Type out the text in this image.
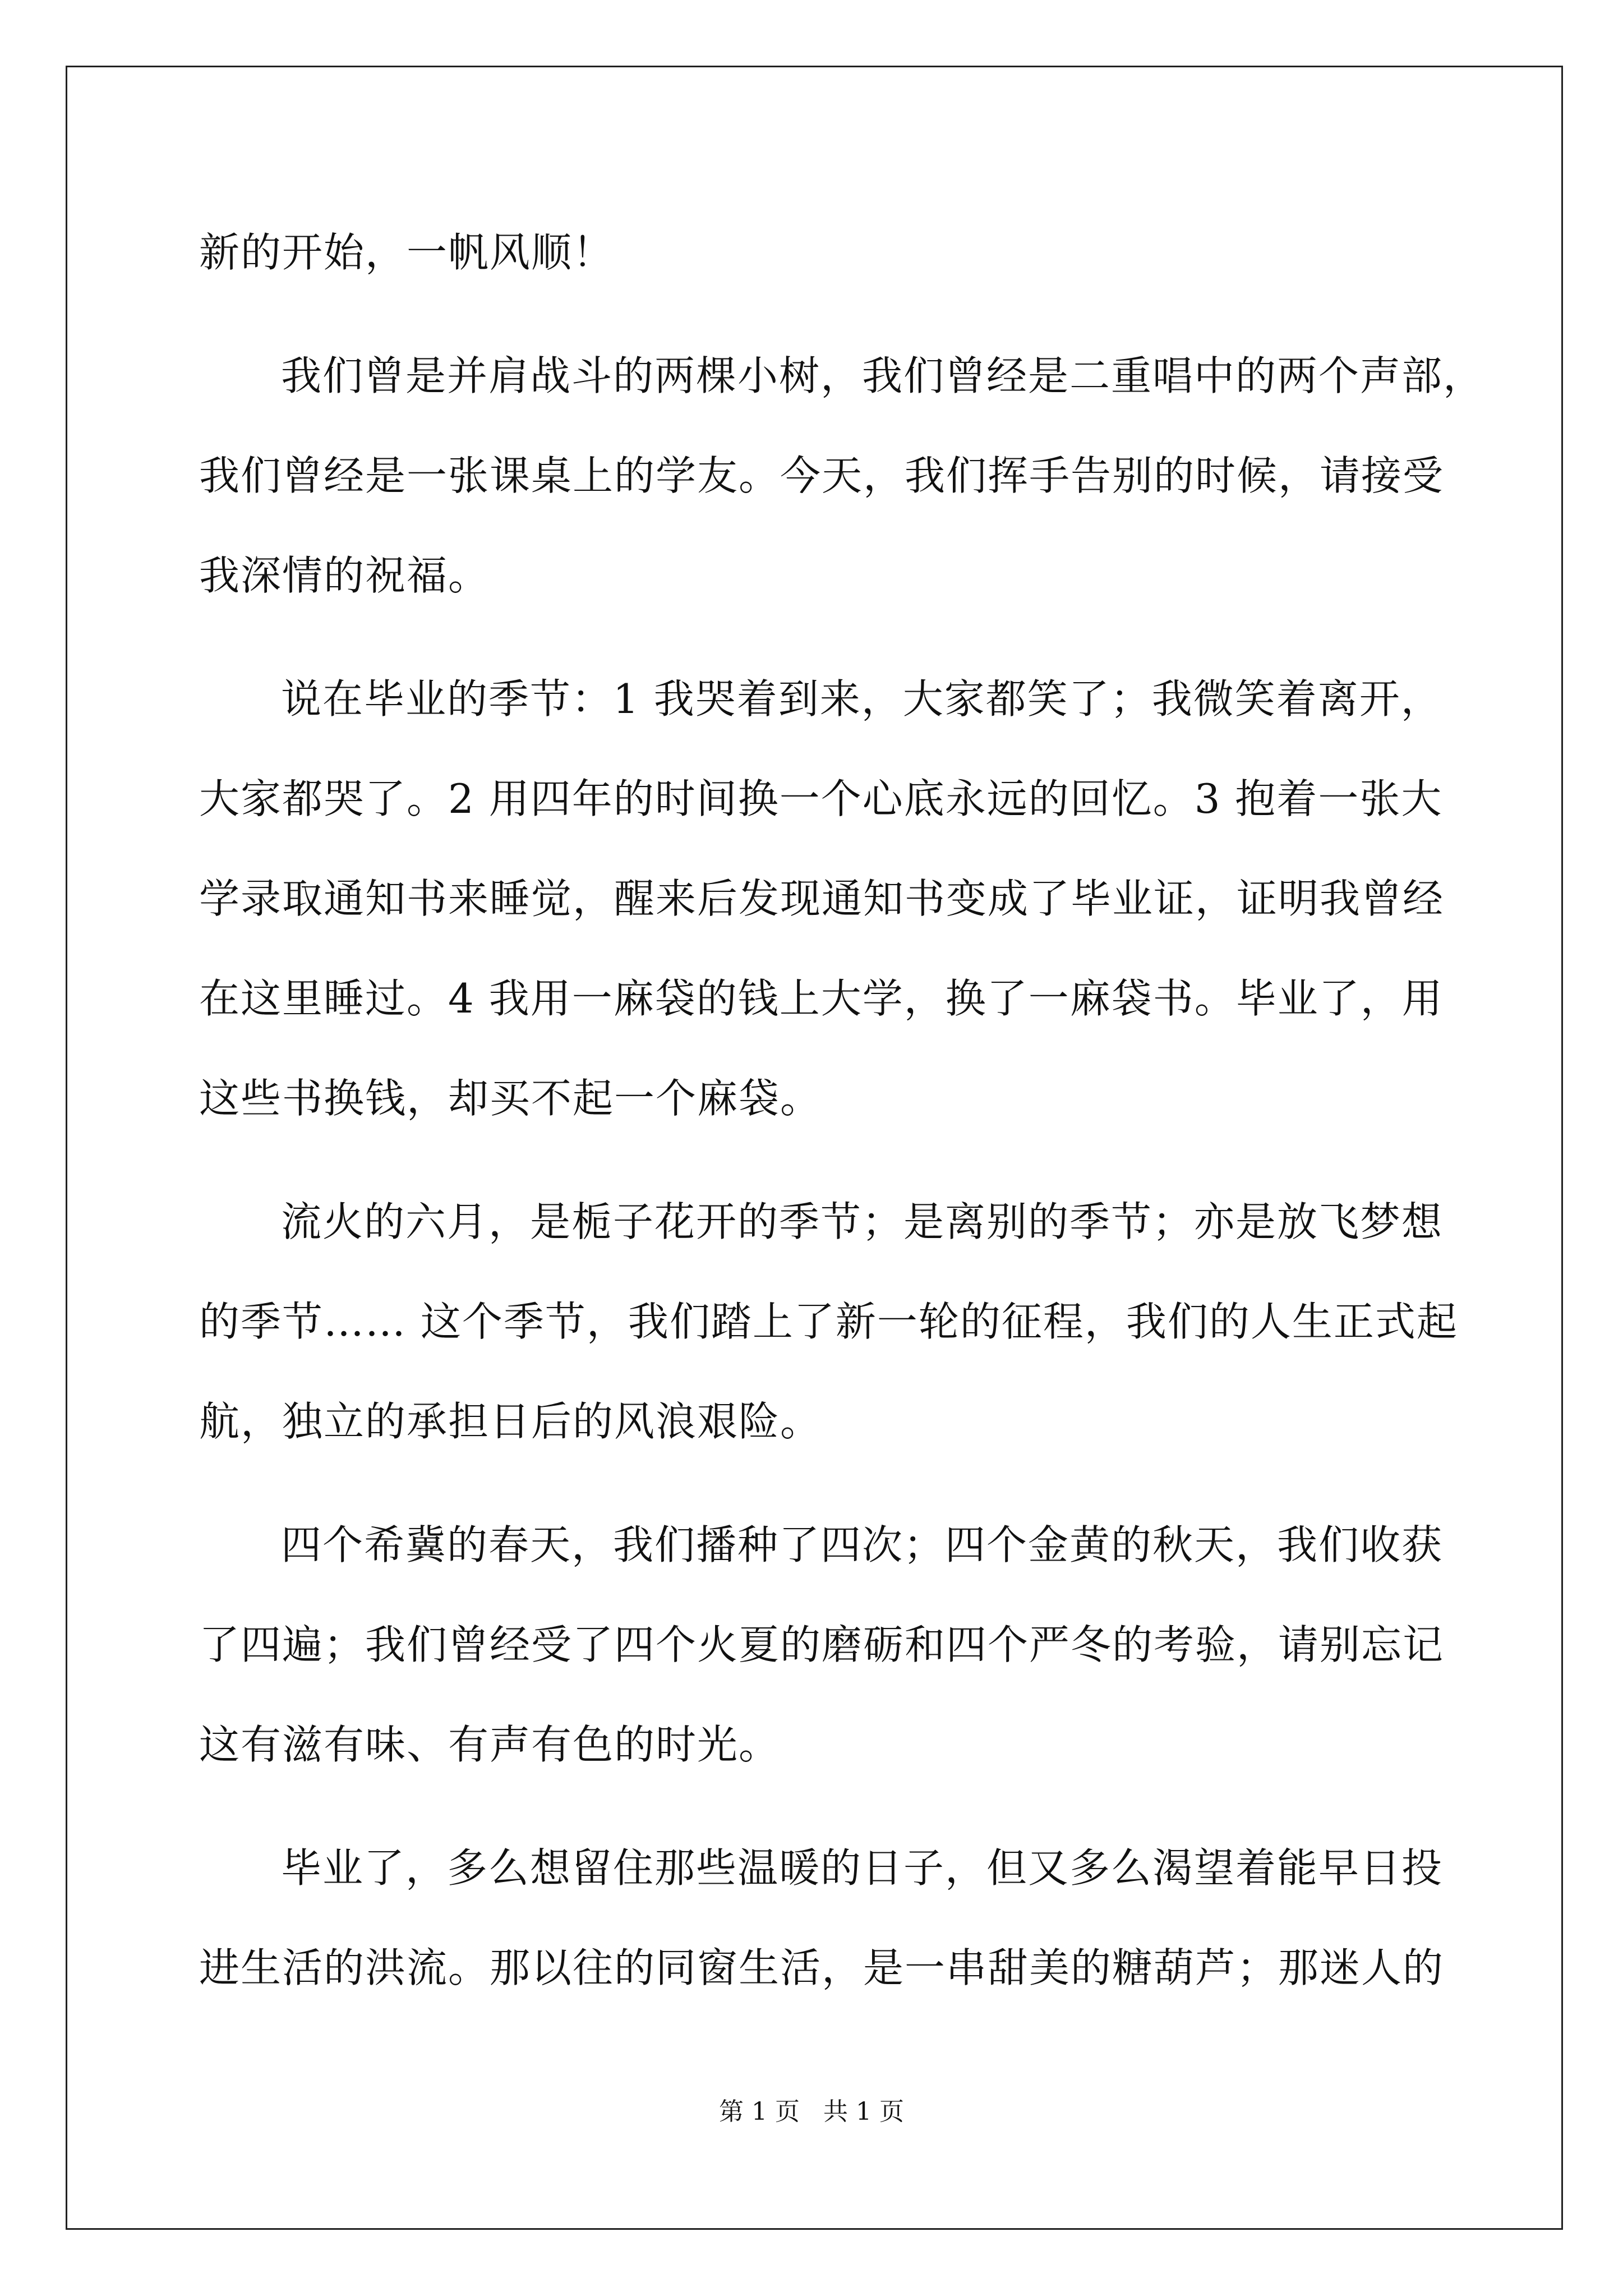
新的开始，一帆风顺！
我们曾是并肩战斗的两棵小树，我们曾经是二重唱中的两个声部，
我们曾经是一张课桌上的学友。今天，我们挥手告别的时候，请接受
我深情的祝福。
说在毕业的季节：1 我哭着到来，大家都笑了；我微笑着离开，
大家都哭了。2 用四年的时间换一个心底永远的回忆。3 抱着一张大
学录取通知书来睡觉，醒来后发现通知书变成了毕业证，证明我曾经
在这里睡过。4 我用一麻袋的钱上大学，换了一麻袋书。毕业了，用
这些书换钱，却买不起一个麻袋。
流火的六月，是栀子花开的季节；是离别的季节；亦是放飞梦想
的季节…… 这个季节，我们踏上了新一轮的征程，我们的人生正式起
航，独立的承担日后的风浪艰险。
四个希冀的春天，我们播种了四次；四个金黄的秋天，我们收获
了四遍；我们曾经受了四个火夏的磨砺和四个严冬的考验，请别忘记
这有滋有味、有声有色的时光。
毕业了，多么想留住那些温暖的日子，但又多么渴望着能早日投
进生活的洪流。那以往的同窗生活，是一串甜美的糖葫芦；那迷人的
第 1 页   共 1 页
